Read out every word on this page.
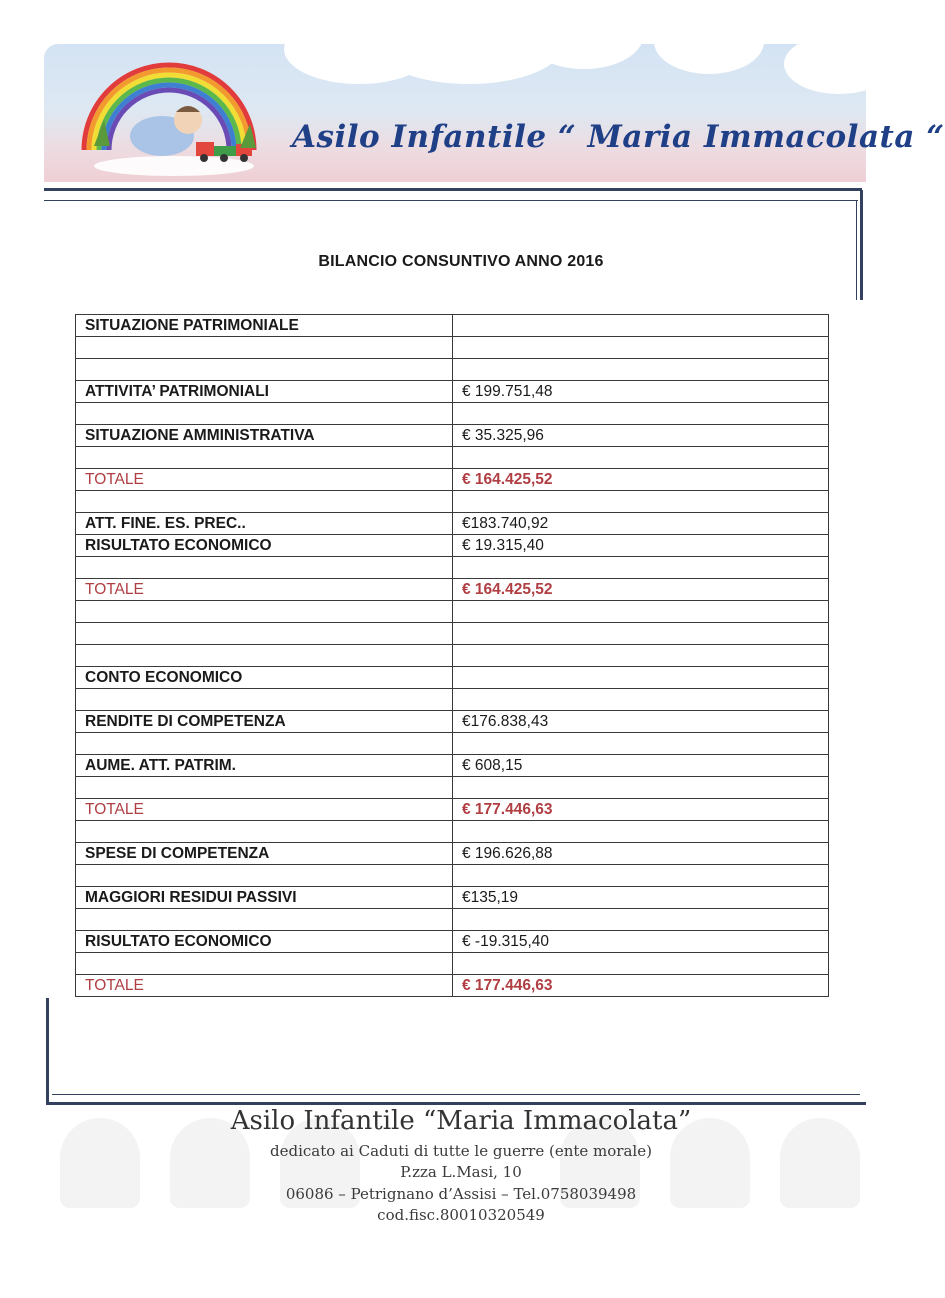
Asilo Infantile “ Maria Immacolata “
BILANCIO CONSUNTIVO ANNO 2016
SITUAZIONE PATRIMONIALE	

ATTIVITA’ PATRIMONIALI	€ 199.751,48

SITUAZIONE AMMINISTRATIVA	€ 35.325,96

TOTALE	€ 164.425,52

ATT. FINE. ES. PREC..	€183.740,92
RISULTATO ECONOMICO	€ 19.315,40

TOTALE	€ 164.425,52

CONTO ECONOMICO	

RENDITE DI COMPETENZA	€176.838,43

AUME. ATT. PATRIM.	€ 608,15

TOTALE	€ 177.446,63

SPESE DI COMPETENZA	€ 196.626,88

MAGGIORI RESIDUI PASSIVI	€135,19

RISULTATO ECONOMICO	€ -19.315,40

TOTALE	€ 177.446,63
Asilo Infantile “Maria Immacolata”
dedicato ai Caduti di tutte le guerre (ente morale)
P.zza L.Masi, 10
06086 – Petrignano d’Assisi – Tel.0758039498
cod.fisc.80010320549
